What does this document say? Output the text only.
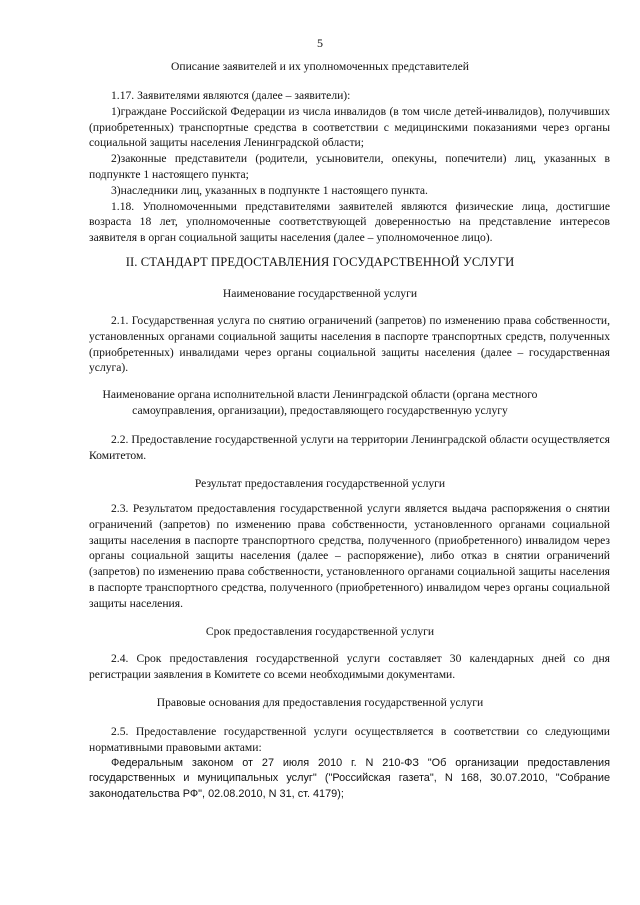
5
Описание заявителей и их уполномоченных представителей

1.17. Заявителями являются (далее – заявители):

1)граждане Российской Федерации из числа инвалидов (в том числе детей-инвалидов), получивших (приобретенных) транспортные средства в соответствии с медицинскими показаниями через органы социальной защиты населения Ленинградской области;

2)законные представители (родители, усыновители, опекуны, попечители) лиц, указанных в подпункте 1 настоящего пункта;

3)наследники лиц, указанных в подпункте 1 настоящего пункта.

1.18. Уполномоченными представителями заявителей являются физические лица, достигшие возраста 18 лет, уполномоченные соответствующей доверенностью на представление интересов заявителя в орган социальной защиты населения (далее – уполномоченное лицо).

II. СТАНДАРТ ПРЕДОСТАВЛЕНИЯ ГОСУДАРСТВЕННОЙ УСЛУГИ
Наименование государственной услуги

2.1. Государственная услуга по снятию ограничений (запретов) по изменению права собственности, установленных органами социальной защиты населения в паспорте транспортных средств, полученных (приобретенных) инвалидами через органы социальной защиты населения (далее – государственная услуга).

Наименование органа исполнительной власти Ленинградской области (органа местного
самоуправления, организации), предоставляющего государственную услугу

2.2. Предоставление государственной услуги на территории Ленинградской области осуществляется Комитетом.

Результат предоставления государственной услуги

2.3. Результатом предоставления государственной услуги является выдача распоряжения о снятии ограничений (запретов) по изменению права собственности, установленного органами социальной защиты населения в паспорте транспортного средства, полученного (приобретенного) инвалидом через органы социальной защиты населения (далее – распоряжение), либо отказ в снятии ограничений (запретов) по изменению права собственности, установленного органами социальной защиты населения в паспорте транспортного средства, полученного (приобретенного) инвалидом через органы социальной защиты населения.

Срок предоставления государственной услуги

2.4. Срок предоставления государственной услуги составляет 30 календарных дней со дня регистрации заявления в Комитете со всеми необходимыми документами.

Правовые основания для предоставления государственной услуги

2.5. Предоставление государственной услуги осуществляется в соответствии со следующими нормативными правовыми актами:

Федеральным законом от 27 июля 2010 г. N 210-ФЗ "Об организации предоставления государственных и муниципальных услуг" ("Российская газета", N 168, 30.07.2010, "Собрание законодательства РФ", 02.08.2010, N 31, ст. 4179);
